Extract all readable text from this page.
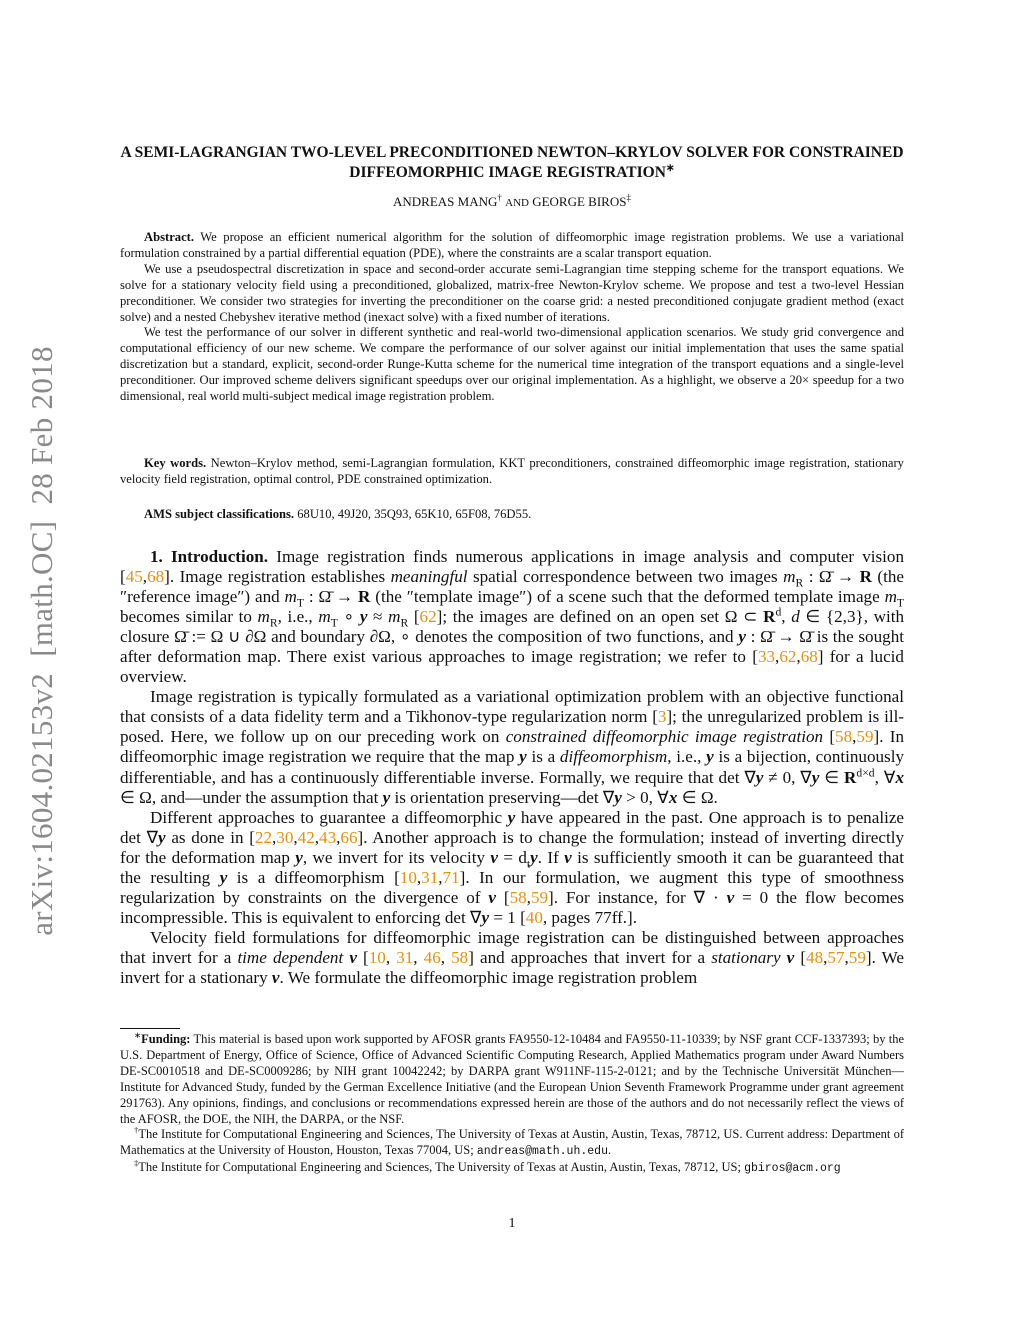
arXiv:1604.02153v2  [math.OC]  28 Feb 2018
A SEMI-LAGRANGIAN TWO-LEVEL PRECONDITIONED NEWTON–KRYLOV SOLVER FOR CONSTRAINED DIFFEOMORPHIC IMAGE REGISTRATION∗
ANDREAS MANG† AND GEORGE BIROS‡

Abstract. We propose an efficient numerical algorithm for the solution of diffeomorphic image registration problems. We use a variational formulation constrained by a partial differential equation (PDE), where the constraints are a scalar transport equation.

We use a pseudospectral discretization in space and second-order accurate semi-Lagrangian time stepping scheme for the transport equations. We solve for a stationary velocity field using a preconditioned, globalized, matrix-free Newton-Krylov scheme. We propose and test a two-level Hessian preconditioner. We consider two strategies for inverting the preconditioner on the coarse grid: a nested preconditioned conjugate gradient method (exact solve) and a nested Chebyshev iterative method (inexact solve) with a fixed number of iterations.

We test the performance of our solver in different synthetic and real-world two-dimensional application scenarios. We study grid convergence and computational efficiency of our new scheme. We compare the performance of our solver against our initial implementation that uses the same spatial discretization but a standard, explicit, second-order Runge-Kutta scheme for the numerical time integration of the transport equations and a single-level preconditioner. Our improved scheme delivers significant speedups over our original implementation. As a highlight, we observe a 20× speedup for a two dimensional, real world multi-subject medical image registration problem.

Key words. Newton–Krylov method, semi-Lagrangian formulation, KKT preconditioners, constrained diffeomorphic image registration, stationary velocity field registration, optimal control, PDE constrained optimization.

AMS subject classifications. 68U10, 49J20, 35Q93, 65K10, 65F08, 76D55.

1. Introduction. Image registration finds numerous applications in image analysis and computer vision [45,68]. Image registration establishes meaningful spatial correspondence between two images $m_R$ : Ω̄ → R (the ″reference image″) and $m_T$ : Ω̄ → R (the ″template image″) of a scene such that the deformed template image $m_T$ becomes similar to $m_R$, i.e., $m_T$ ∘ $y \approx m_R$ [62]; the images are defined on an open set Ω ⊂ $R^d$, d ∈ {2,3}, with closure Ω̄ := Ω ∪ ∂Ω and boundary ∂Ω, ∘ denotes the composition of two functions, and y : Ω̄ → Ω̄ is the sought after deformation map. There exist various approaches to image registration; we refer to [33,62,68] for a lucid overview.

Image registration is typically formulated as a variational optimization problem with an objective functional that consists of a data fidelity term and a Tikhonov-type regularization norm [3]; the unregularized problem is ill-posed. Here, we follow up on our preceding work on constrained diffeomorphic image registration [58,59]. In diffeomorphic image registration we require that the map y is a diffeomorphism, i.e., y is a bijection, continuously differentiable, and has a continuously differentiable inverse. Formally, we require that det ∇y ≠ 0, ∇y ∈ $R^{d\times d}$, ∀x ∈ Ω, and—under the assumption that y is orientation preserving—det ∇y > 0, ∀x ∈ Ω.

Different approaches to guarantee a diffeomorphic y have appeared in the past. One approach is to penalize det ∇y as done in [22,30,42,43,66]. Another approach is to change the formulation; instead of inverting directly for the deformation map y, we invert for its velocity $v = d_ty$. If v is sufficiently smooth it can be guaranteed that the resulting y is a diffeomorphism [10,31,71]. In our formulation, we augment this type of smoothness regularization by constraints on the divergence of v [58,59]. For instance, for ∇ · v = 0 the flow becomes incompressible. This is equivalent to enforcing det ∇y = 1 [40, pages 77ff.].

Velocity field formulations for diffeomorphic image registration can be distinguished between approaches that invert for a time dependent v [10, 31, 46, 58] and approaches that invert for a stationary v [48,57,59]. We invert for a stationary v. We formulate the diffeomorphic image registration problem

∗Funding: This material is based upon work supported by AFOSR grants FA9550-12-10484 and FA9550-11-10339; by NSF grant CCF-1337393; by the U.S. Department of Energy, Office of Science, Office of Advanced Scientific Computing Research, Applied Mathematics program under Award Numbers DE-SC0010518 and DE-SC0009286; by NIH grant 10042242; by DARPA grant W911NF-115-2-0121; and by the Technische Universität München—Institute for Advanced Study, funded by the German Excellence Initiative (and the European Union Seventh Framework Programme under grant agreement 291763). Any opinions, findings, and conclusions or recommendations expressed herein are those of the authors and do not necessarily reflect the views of the AFOSR, the DOE, the NIH, the DARPA, or the NSF.

†The Institute for Computational Engineering and Sciences, The University of Texas at Austin, Austin, Texas, 78712, US. Current address: Department of Mathematics at the University of Houston, Houston, Texas 77004, US; andreas@math.uh.edu.

‡The Institute for Computational Engineering and Sciences, The University of Texas at Austin, Austin, Texas, 78712, US; gbiros@acm.org

1
